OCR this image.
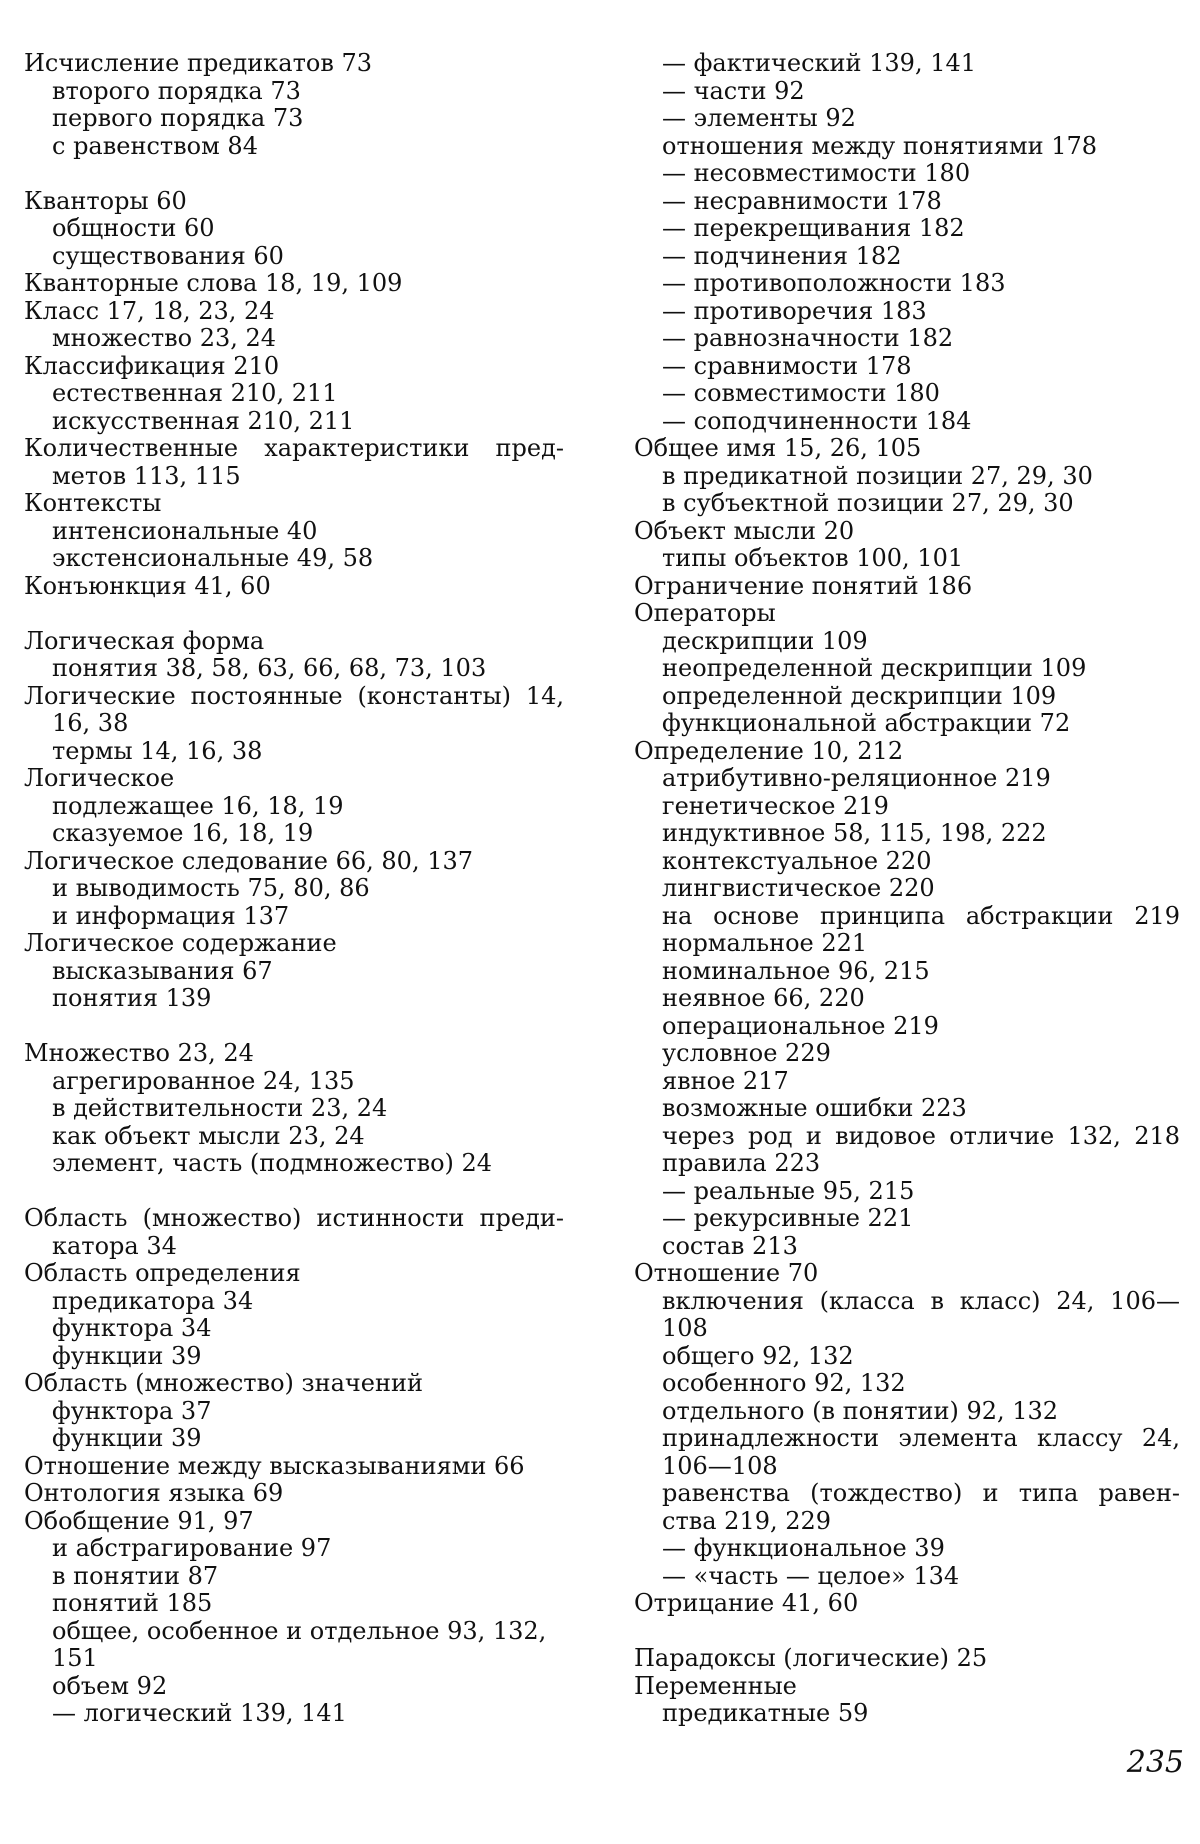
Исчисление предикатов 73
второго порядка 73
первого порядка 73
с равенством 84
Кванторы 60
общности 60
существования 60
Кванторные слова 18, 19, 109
Класс 17, 18, 23, 24
множество 23, 24
Классификация 210
естественная 210, 211
искусственная 210, 211
Количественные характеристики пред-
метов 113, 115
Контексты
интенсиональные 40
экстенсиональные 49, 58
Конъюнкция 41, 60
Логическая форма
понятия 38, 58, 63, 66, 68, 73, 103
Логические постоянные (константы) 14,
16, 38
термы 14, 16, 38
Логическое
подлежащее 16, 18, 19
сказуемое 16, 18, 19
Логическое следование 66, 80, 137
и выводимость 75, 80, 86
и информация 137
Логическое содержание
высказывания 67
понятия 139
Множество 23, 24
агрегированное 24, 135
в действительности 23, 24
как объект мысли 23, 24
элемент, часть (подмножество) 24
Область (множество) истинности преди-
катора 34
Область определения
предикатора 34
функтора 34
функции 39
Область (множество) значений
функтора 37
функции 39
Отношение между высказываниями 66
Онтология языка 69
Обобщение 91, 97
и абстрагирование 97
в понятии 87
понятий 185
общее, особенное и отдельное 93, 132,
151
объем 92
— логический 139, 141
— фактический 139, 141
— части 92
— элементы 92
отношения между понятиями 178
— несовместимости 180
— несравнимости 178
— перекрещивания 182
— подчинения 182
— противоположности 183
— противоречия 183
— равнозначности 182
— сравнимости 178
— совместимости 180
— соподчиненности 184
Общее имя 15, 26, 105
в предикатной позиции 27, 29, 30
в субъектной позиции 27, 29, 30
Объект мысли 20
типы объектов 100, 101
Ограничение понятий 186
Операторы
дескрипции 109
неопределенной дескрипции 109
определенной дескрипции 109
функциональной абстракции 72
Определение 10, 212
атрибутивно-реляционное 219
генетическое 219
индуктивное 58, 115, 198, 222
контекстуальное 220
лингвистическое 220
на основе принципа абстракции 219
нормальное 221
номинальное 96, 215
неявное 66, 220
операциональное 219
условное 229
явное 217
возможные ошибки 223
через род и видовое отличие 132, 218
правила 223
— реальные 95, 215
— рекурсивные 221
состав 213
Отношение 70
включения (класса в класс) 24, 106—
108
общего 92, 132
особенного 92, 132
отдельного (в понятии) 92, 132
принадлежности элемента классу 24,
106—108
равенства (тождество) и типа равен-
ства 219, 229
— функциональное 39
— «часть — целое» 134
Отрицание 41, 60
Парадоксы (логические) 25
Переменные
предикатные 59
235
